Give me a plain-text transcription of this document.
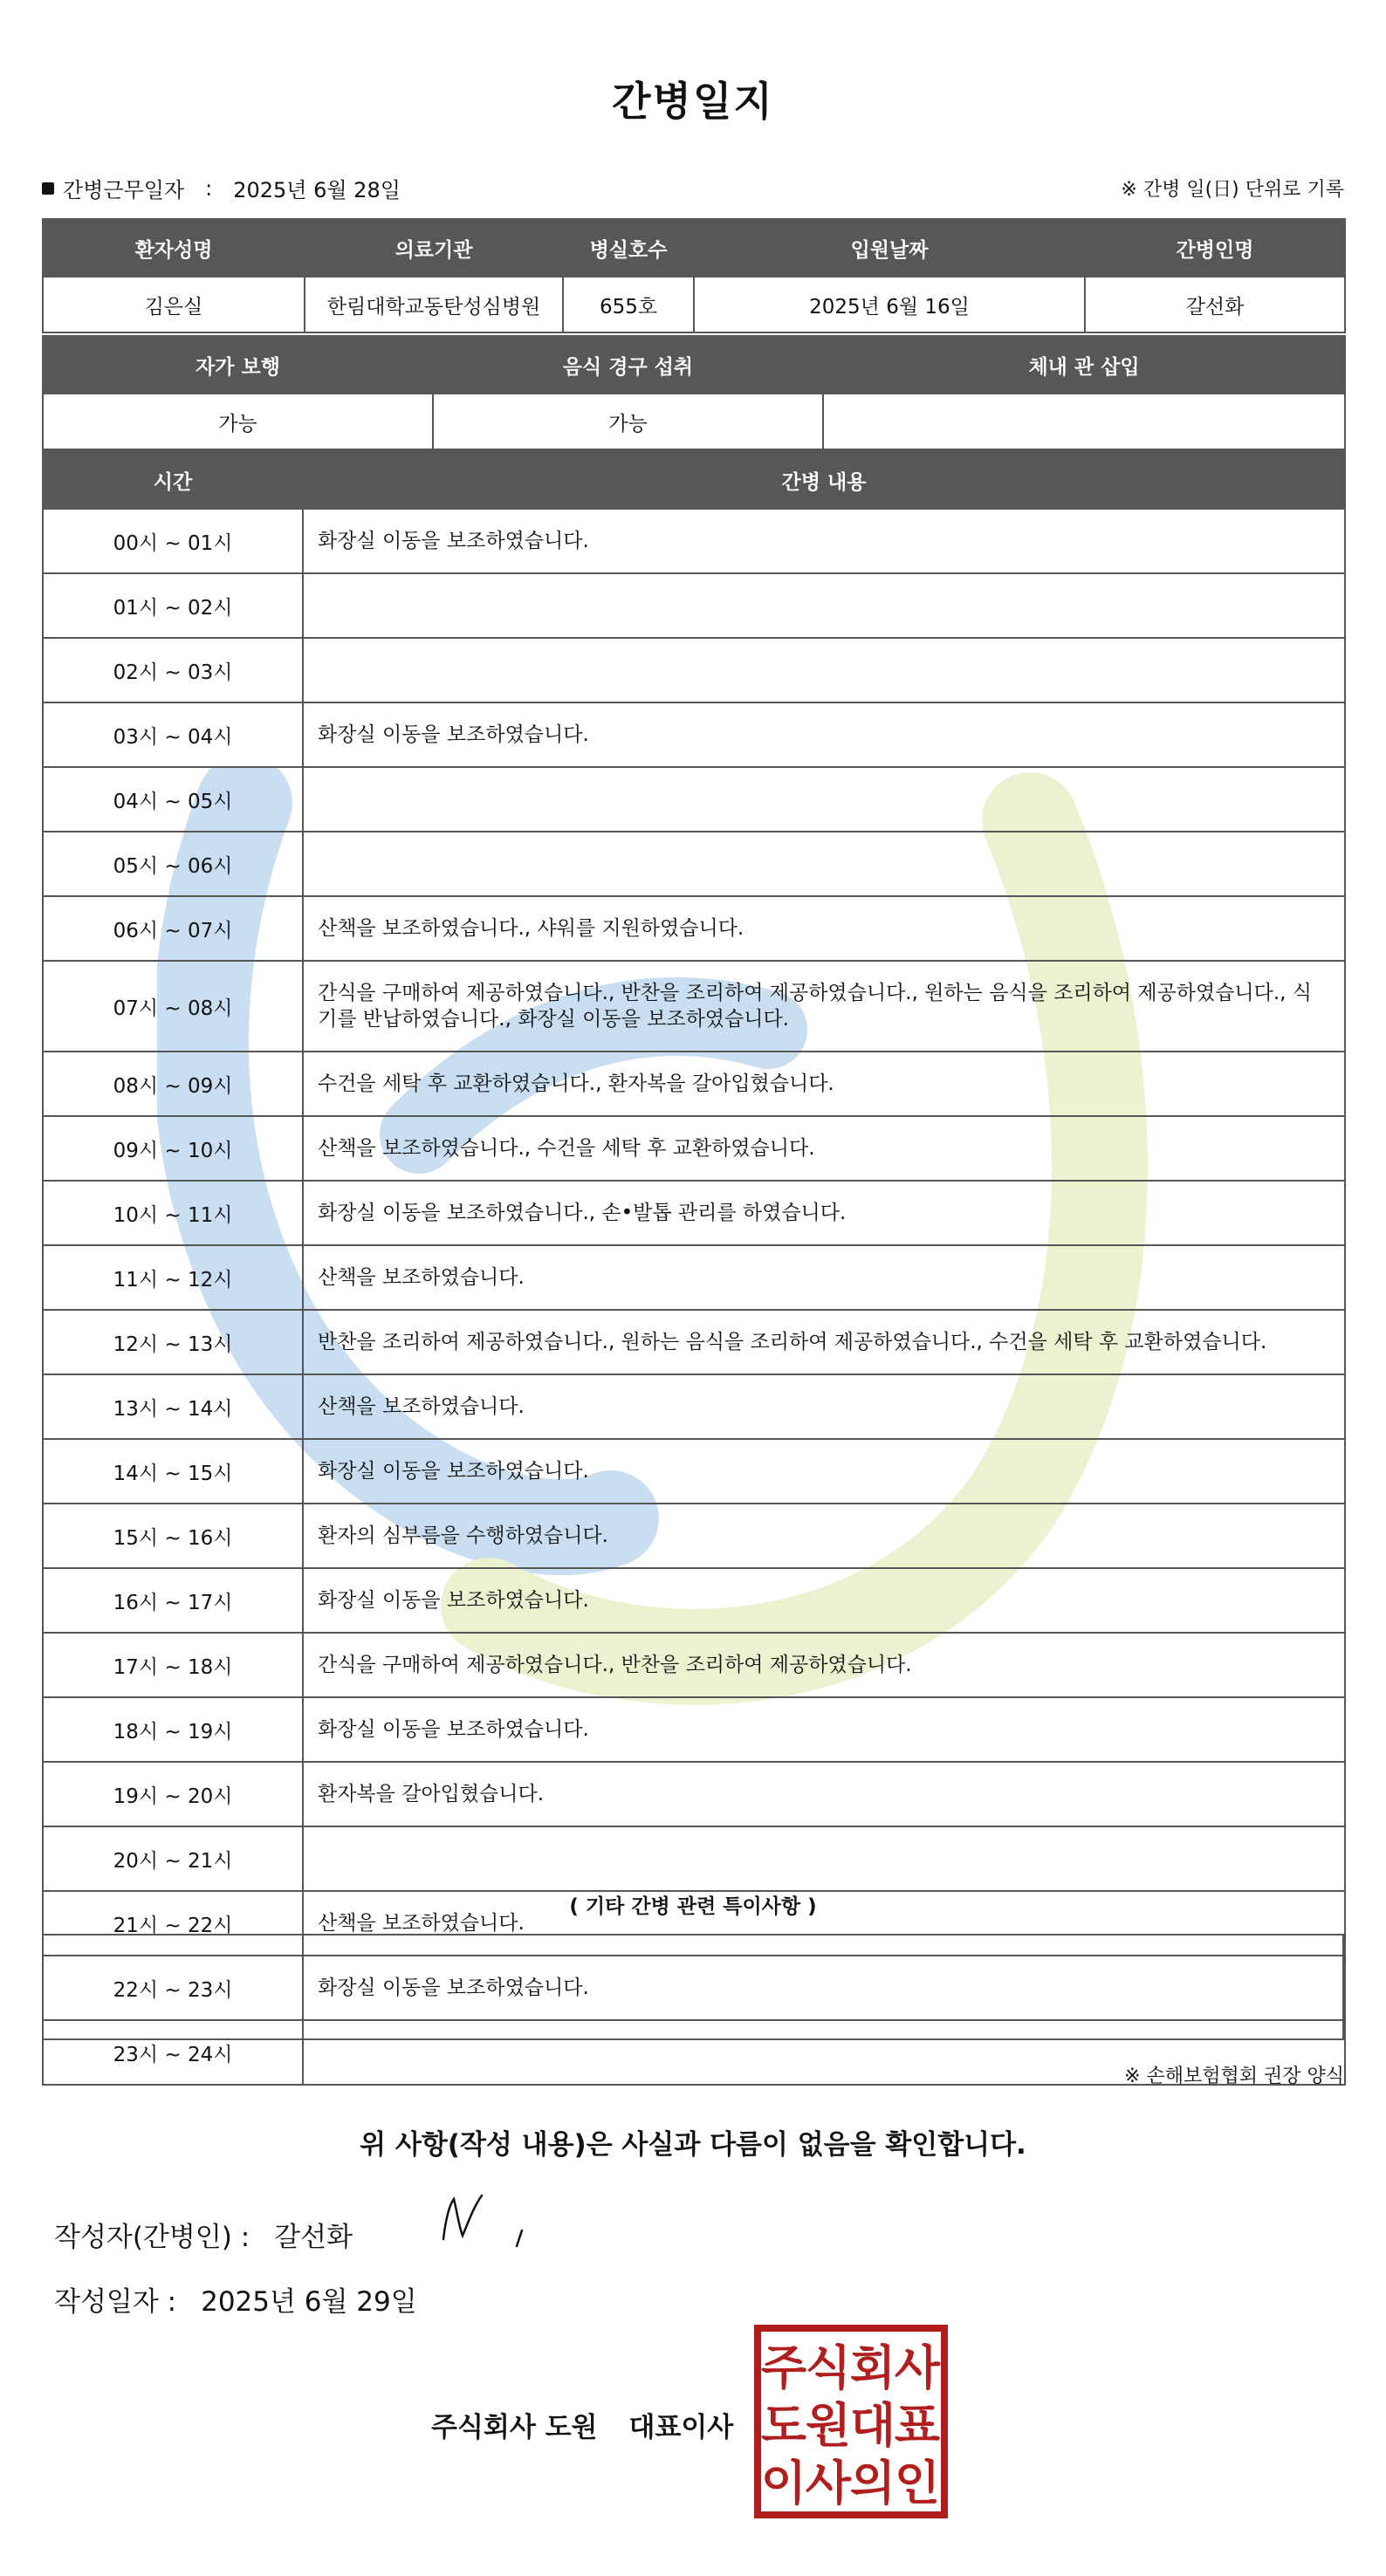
간병일지
간병근무일자 : 2025년 6월 28일	※ 간병 일(日) 단위로 기록
환자성명	의료기관	병실호수	입원날짜	간병인명
김은실	한림대학교동탄성심병원	655호	2025년 6월 16일	갈선화
자가 보행	음식 경구 섭취	체내 관 삽입
가능	가능	
시간	간병 내용
00시 ~ 01시	화장실 이동을 보조하였습니다.
01시 ~ 02시	
02시 ~ 03시	
03시 ~ 04시	화장실 이동을 보조하였습니다.
04시 ~ 05시	
05시 ~ 06시	
06시 ~ 07시	산책을 보조하였습니다., 샤워를 지원하였습니다.
07시 ~ 08시	간식을 구매하여 제공하였습니다., 반찬을 조리하여 제공하였습니다., 원하는 음식을 조리하여 제공하였습니다., 식기를 반납하였습니다., 화장실 이동을 보조하였습니다.
08시 ~ 09시	수건을 세탁 후 교환하였습니다., 환자복을 갈아입혔습니다.
09시 ~ 10시	산책을 보조하였습니다., 수건을 세탁 후 교환하였습니다.
10시 ~ 11시	화장실 이동을 보조하였습니다., 손•발톱 관리를 하였습니다.
11시 ~ 12시	산책을 보조하였습니다.
12시 ~ 13시	반찬을 조리하여 제공하였습니다., 원하는 음식을 조리하여 제공하였습니다., 수건을 세탁 후 교환하였습니다.
13시 ~ 14시	산책을 보조하였습니다.
14시 ~ 15시	화장실 이동을 보조하였습니다.
15시 ~ 16시	환자의 심부름을 수행하였습니다.
16시 ~ 17시	화장실 이동을 보조하였습니다.
17시 ~ 18시	간식을 구매하여 제공하였습니다., 반찬을 조리하여 제공하였습니다.
18시 ~ 19시	화장실 이동을 보조하였습니다.
19시 ~ 20시	환자복을 갈아입혔습니다.
20시 ~ 21시	
21시 ~ 22시	산책을 보조하였습니다.
22시 ~ 23시	화장실 이동을 보조하였습니다.
23시 ~ 24시	
( 기타 간병 관련 특이사항 )
※ 손해보험협회 권장 양식
위 사항(작성 내용)은 사실과 다름이 없음을 확인합니다.
작성자(간병인) : 갈선화
작성일자 : 2025년 6월 29일
주식회사 도원 대표이사
주
식
회
사
도
원
대
표
이
사
의
인
